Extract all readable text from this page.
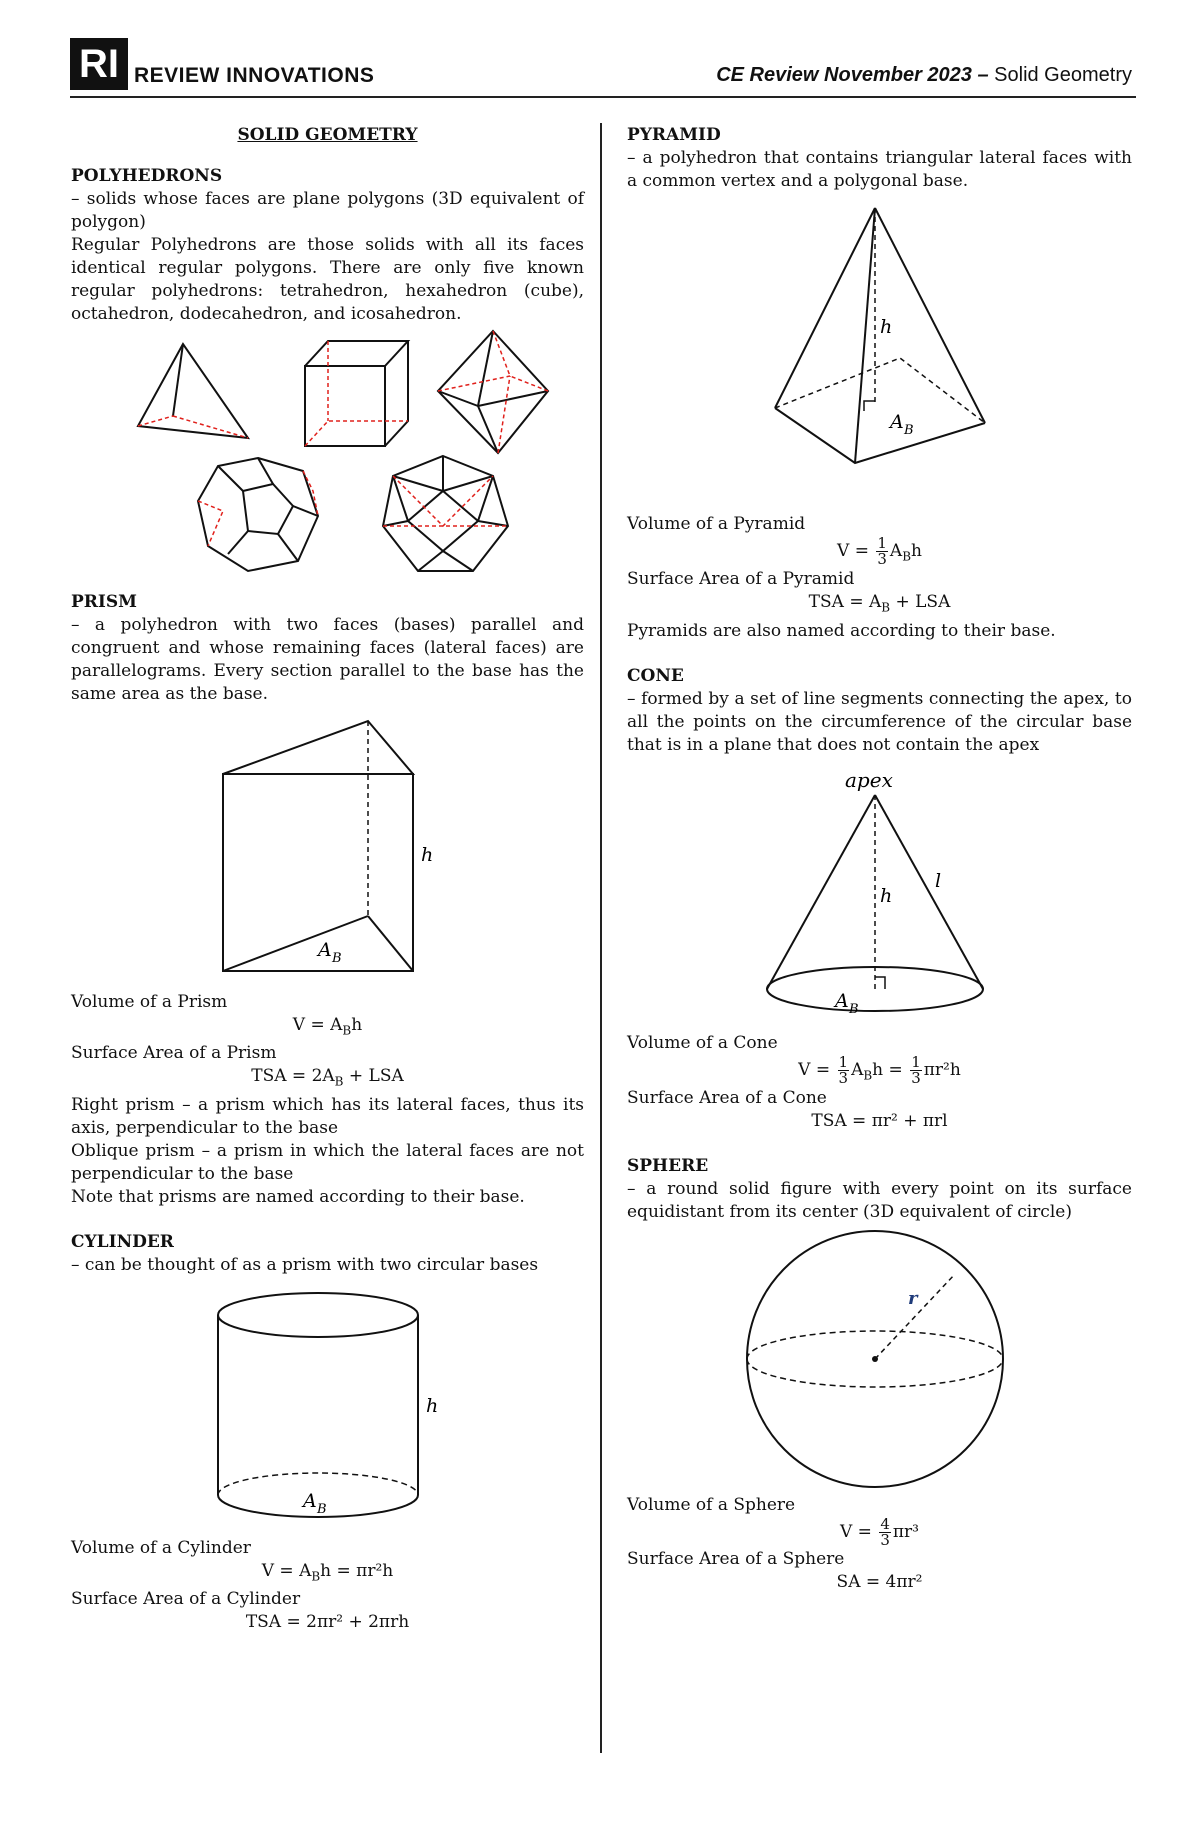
RI REVIEW INNOVATIONS	CE Review November 2023 – Solid Geometry
SOLID GEOMETRY
POLYHEDRONS

– solids whose faces are plane polygons (3D equivalent of polygon)

Regular Polyhedrons are those solids with all its faces identical regular polygons. There are only five known regular polyhedrons: tetrahedron, hexahedron (cube), octahedron, dodecahedron, and icosahedron.

PRISM

– a polyhedron with two faces (bases) parallel and congruent and whose remaining faces (lateral faces) are parallelograms. Every section parallel to the base has the same area as the base.

h
A B
Volume of a Prism
$V = A_Bh$
Surface Area of a Prism
TSA = $2A_B$ + LSA

Right prism – a prism which has its lateral faces, thus its axis, perpendicular to the base

Oblique prism – a prism in which the lateral faces are not perpendicular to the base

Note that prisms are named according to their base.

CYLINDER

– can be thought of as a prism with two circular bases

h
A B
Volume of a Cylinder
$V = A_Bh = \pi r^2h$
Surface Area of a Cylinder
TSA = 2πr² + 2πrh
PYRAMID

– a polyhedron that contains triangular lateral faces with a common vertex and a polygonal base.

h
A B
Volume of a Pyramid
$V = \frac{1}{3} A_Bh$
Surface Area of a Pyramid
TSA = $A_B$ + LSA

Pyramids are also named according to their base.

CONE

– formed by a set of line segments connecting the apex, to all the points on the circumference of the circular base that is in a plane that does not contain the apex

apex
h
l
A B
Volume of a Cone
$V = \frac{1}{3} A_Bh = \frac{1}{3} \pi r^2h$
Surface Area of a Cone
TSA = πr² + πrl
SPHERE

– a round solid figure with every point on its surface equidistant from its center (3D equivalent of circle)

r
Volume of a Sphere
$V = \frac{4}{3} \pi r^3$
Surface Area of a Sphere
SA = 4πr²
